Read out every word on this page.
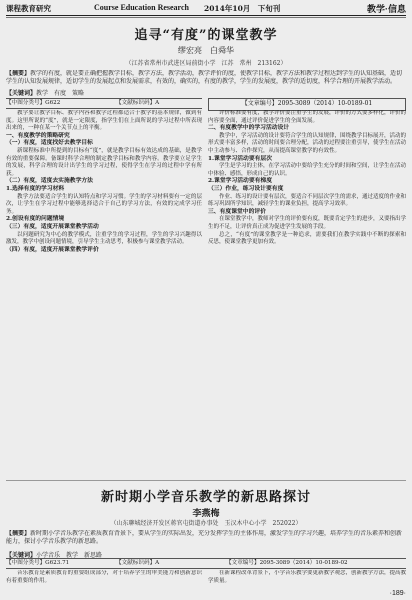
课程教育研究	Course Education Research 2014年10月　下旬刊	教学·信息
追寻“有度”的课堂教学
缪宏亮　白舜华
（江苏省常州市武进区局前街小学　江苏　常州　213162）
【摘要】教学的有度，就是要正确把握教学目标，教学方法，教学活动，教学评价的度，使教学目标，教学方法和教学过程达到学生的认知基础，适切学生的认知发展规律，适切学生的发展起点和发展需求，有效的，确实的，有度的教学，学生的发展度，教学的适切度，科学合理的开展教学活动。
【关键词】教学　有度　策略
【中图分类号】G622	【文献标识码】A	【文章编号】2095-3089（2014）10-0189-01

教学要让教学目标、教学内容和教学过程都适合于教学的基本规律，做到有度。这里所说的“度”，就是一定限度，指学生们在上面所说的学习过程中所表现出来的，一种在某一个关节点上的平衡。

一、有度教学的策略研究
（一）有度，适度找好去教学目标

新课程标准中所提到的目标有“度”，就是教学目标有效达成的基础，是教学有效的重要保障。备课时科学合理的制定教学目标和教学内容。教学要立足学生的发展，科学合理的设计出学生的学习过程，使得学生在学习的过程中学有所获。

（二）有度，适度去实施教学方法
1.选择有度的学习材料

教学方法要适合学生的认知特点和学习习惯。学生的学习材料要有一定的层次，让学生在学习过程中能够选择适合于自己的学习方法，有效的完成学习任务。

2.创设有度的问题情境
（三）有度，适度开展课堂教学活动

以问题研究为中心的教学模式，注重学生的学习过程，学生的学习兴趣得以激发，教学中创设问题情境，引导学生主动思考，积极参与课堂教学活动。

（四）有度，适度开展课堂教学评价

评价标准要有度，教学评价要注重学生的发展，评价的方式要多样化，评价的内容要全面，通过评价促进学生的全面发展。

二、有度教学中的学习活动设计

教学中，学习活动的设计要符合学生的认知规律，围绕教学目标展开，活动的形式要丰富多样，活动的时间要合理分配，活动的过程要注重引导，使学生在活动中主动参与、合作探究，从而提高课堂教学的有效性。

1.课堂学习活动要有层次

学生是学习的主体，在学习活动中要给学生充分的时间和空间，让学生在活动中体验、感悟，形成自己的认识。

2.课堂学习活动要有梯度
（三）作业，练习设计要有度

作业、练习的设计要有层次，要适合不同层次学生的需求，通过适度的作业和练习巩固所学知识，减轻学生的课业负担，提高学习效率。

三、有度课堂中的评价

在课堂教学中，教师对学生的评价要有度，既要肯定学生的进步，又要指出学生的不足，让评价真正成为促进学生发展的手段。

总之，“有度”的课堂教学是一种追求，需要我们在教学实践中不断的探索和反思，使课堂教学更加有效。

新时期小学音乐教学的新思路探讨
李燕梅
（山东聊城经济开发区蒋官屯街道办事处　玉汉木中心小学　252022）
【摘要】新时期小学音乐教学在素质教育背景下，要从学生的实际出发，充分发挥学生的主体作用，激发学生的学习兴趣，培养学生的音乐素养和创新能力，探讨小学音乐教学的新思路。
【关键词】小学音乐　教学　新思路
【中图分类号】G623.71	【文献标识码】A	【文章编号】2095-3089（2014）10-0189-02

音乐教育是素质教育的重要组成部分，对于培养学生的审美能力和创新意识有着重要的作用。

在新课程改革背景下，小学音乐教学要更新教学观念，创新教学方法，提高教学质量。

·189·
